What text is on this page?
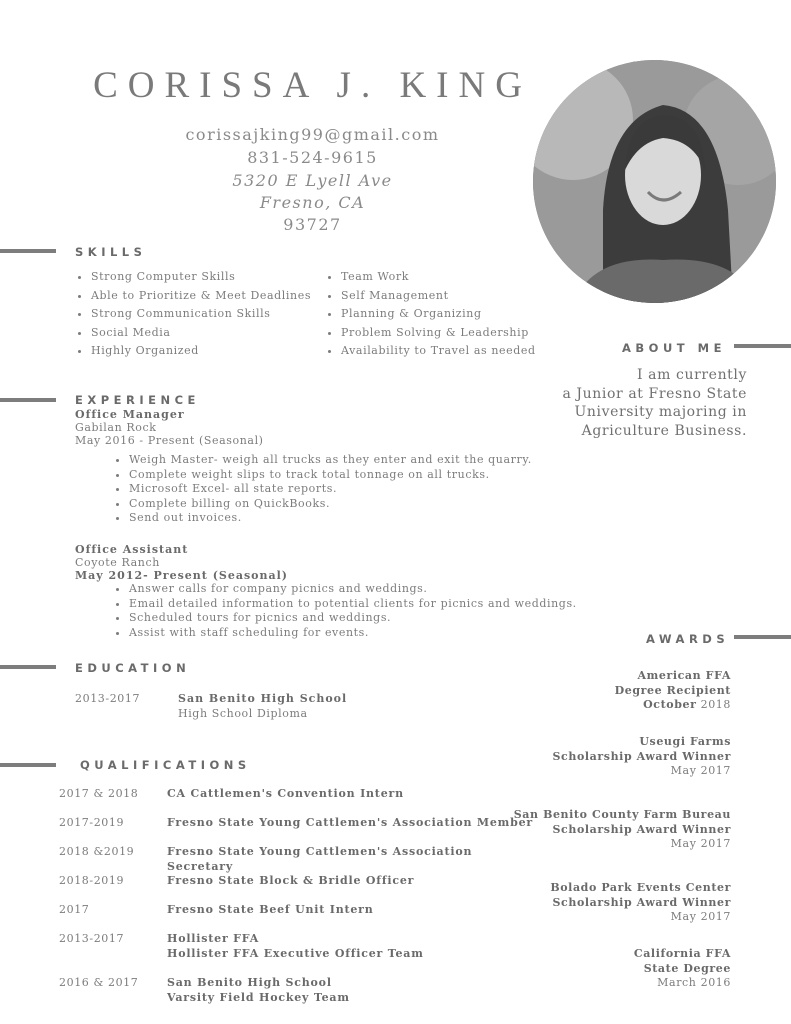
CORISSA J. KING
corissajking99@gmail.com
831-524-9615
5320 E Lyell Ave
Fresno, CA
93727
SKILLS
• Strong Computer Skills
• Able to Prioritize & Meet Deadlines
• Strong Communication Skills
• Social Media
• Highly Organized
• Team Work
• Self Management
• Planning & Organizing
• Problem Solving & Leadership
• Availability to Travel as needed	ABOUT ME
I am currently
a Junior at Fresno State
University majoring in
Agriculture Business.
EXPERIENCE
Office Manager
Gabilan Rock
May 2016 - Present (Seasonal)
• Weigh Master- weigh all trucks as they enter and exit the quarry.
• Complete weight slips to track total tonnage on all trucks.
• Microsoft Excel- all state reports.
• Complete billing on QuickBooks.
• Send out invoices.
Office Assistant
Coyote Ranch
May 2012- Present (Seasonal)
• Answer calls for company picnics and weddings.
• Email detailed information to potential clients for picnics and weddings.
• Scheduled tours for picnics and weddings.
• Assist with staff scheduling for events.	AWARDS
American FFA
Degree Recipient
October 2018
Useugi Farms
Scholarship Award Winner
May 2017
San Benito County Farm Bureau
Scholarship Award Winner
May 2017
Bolado Park Events Center
Scholarship Award Winner
May 2017
California FFA
State Degree
March 2016
EDUCATION
2013-2017	San Benito High School
High School Diploma
QUALIFICATIONS
2017 & 2018	CA Cattlemen's Convention Intern
2017-2019	Fresno State Young Cattlemen's Association Member
2018 &2019	Fresno State Young Cattlemen's Association Secretary
2018-2019	Fresno State Block & Bridle Officer
2017	Fresno State Beef Unit Intern
2013-2017	Hollister FFA
Hollister FFA Executive Officer Team
2016 & 2017	San Benito High School
Varsity Field Hockey Team
